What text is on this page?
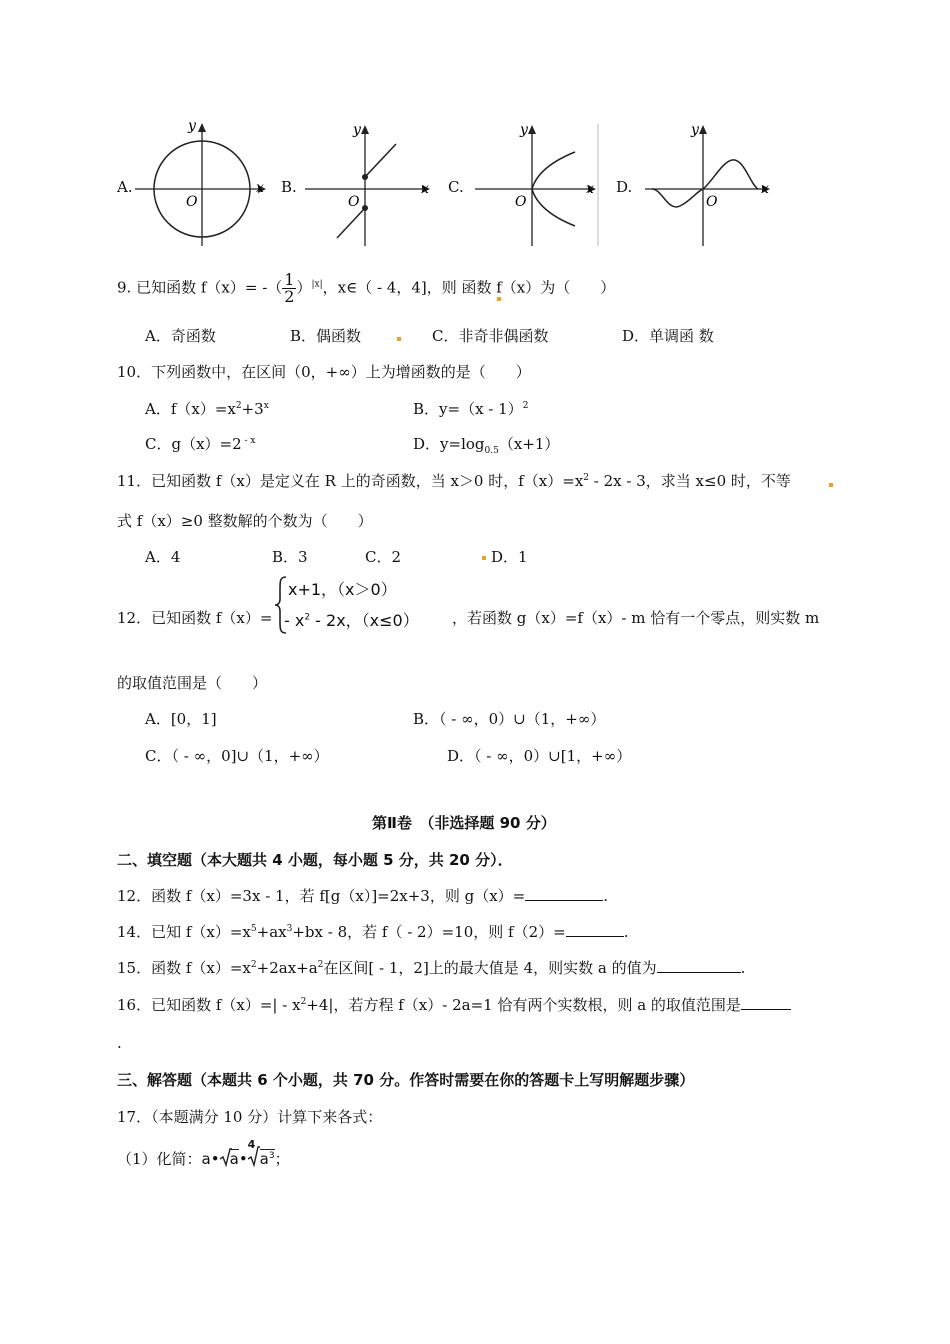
A.
y
x
O
B.
y
x
O
C.
y
x
O
D.
y
x
O
9. 已知函数 f（x）= -（ $\frac{1}{2} )^{|x|}$，x∈（ - 4，4]，则 函数 f（x）为（　　）
A．奇函数	B．偶函数	C．非奇非偶函数	D．单调函 数
10．下列函数中，在区间（0，+∞）上为增函数的是（　　）
A．$f(x)=x^2+3^x$	B．y=（x - 1）$^2$
C．g（x）=2 $^{- x}$	D．$y=\log_{0.5}(x+1)$
11．已知函数 f（x）是定义在 R 上的奇函数，当 x＞0 时，$f(x)=x^2 - 2x - 3$，求当 x≤0 时，不等
式 f（x）≥0 整数解的个数为（　　）
A．4	B．3	C．2	D．1
12．已知函数 f（x）=
x+1，（x＞0）
- $x^2 - 2x$，（x≤0） ，若函数 g（x）=f（x）- m 恰有一个零点，则实数 m
的取值范围是（　　）
A．[0，1]	B．（ - ∞，0）∪（1，+∞）
C．（ - ∞，0]∪（1，+∞）	D．（ - ∞，0）∪[1，+∞）
第Ⅱ卷　（非选择题 90 分）
二、填空题（本大题共 4 小题，每小题 5 分，共 20 分）．
12．函数 f（x）=3x - 1，若 f[g（x）]=2x+3，则 g（x）=	.
14．已知 $f(x)=x^5+ax^3+bx - 8$，若 f（ - 2）=10，则 f（2）=	.
15．函数 $f(x)=x^2+2ax+a^2$在区间[ - 1，2]上的最大值是 4，则实数 a 的值为	.
16．已知函数 $f(x)=| - x^2+4|$，若方程 f（x）- 2a=1 恰有两个实数根，则 a 的取值范围是
.
三、解答题（本题共 6 个小题，共 70 分。作答时需要在你的答题卡上写明解题步骤）
17．（本题满分 10 分）计算下来各式：
（1）化简：a• a•
4
$a^3$；
